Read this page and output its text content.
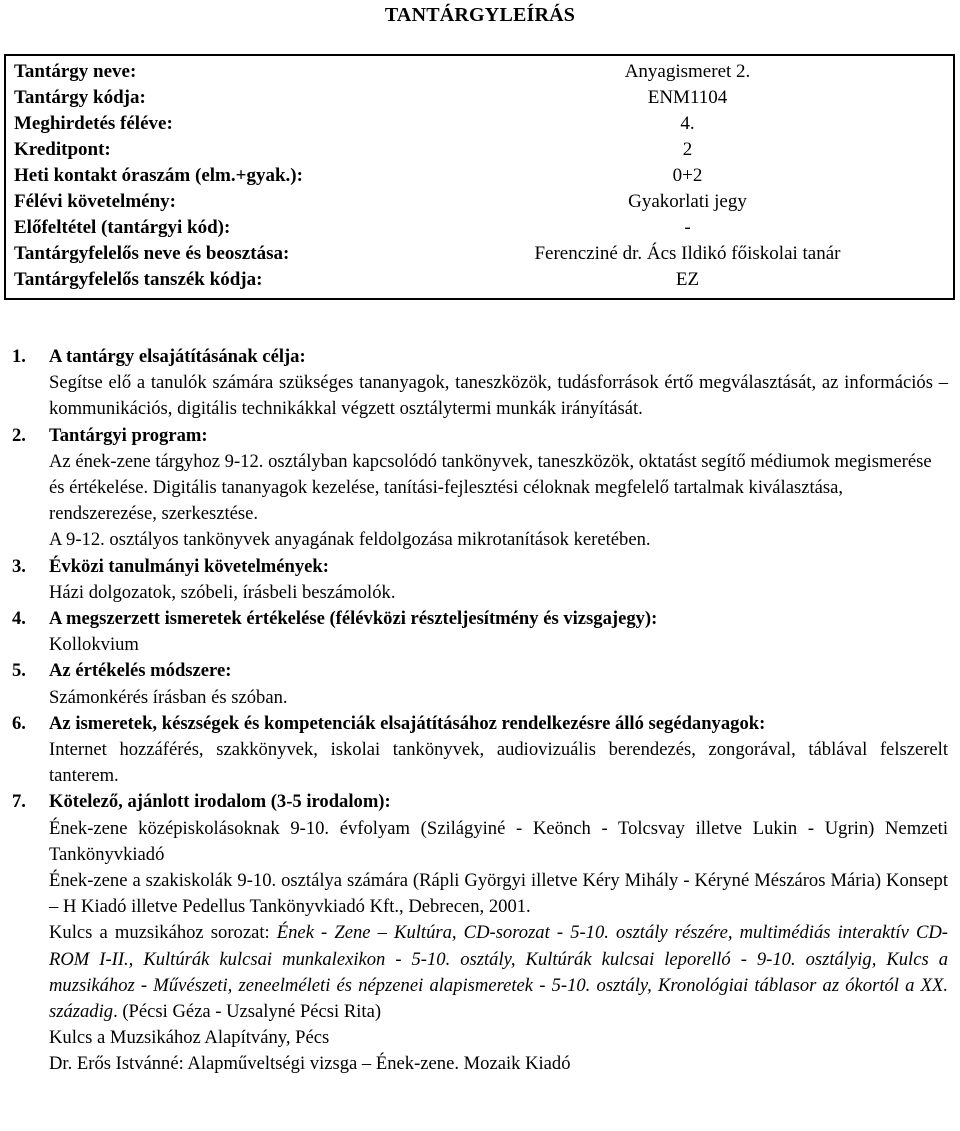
TANTÁRGYLEÍRÁS
Tantárgy neve:	Anyagismeret 2.
Tantárgy kódja:	ENM1104
Meghirdetés féléve:	4.
Kreditpont:	2
Heti kontakt óraszám (elm.+gyak.):	0+2
Félévi követelmény:	Gyakorlati jegy
Előfeltétel (tantárgyi kód):	-
Tantárgyfelelős neve és beosztása:	Ferencziné dr. Ács Ildikó főiskolai tanár
Tantárgyfelelős tanszék kódja:	EZ
1.	A tantárgy elsajátításának célja:
Segítse elő a tanulók számára szükséges tananyagok, taneszközök, tudásforrások értő megválasztását, az információs – kommunikációs, digitális technikákkal végzett osztálytermi munkák irányítását.
2.	Tantárgyi program:
Az ének-zene tárgyhoz 9-12. osztályban kapcsolódó tankönyvek, taneszközök, oktatást segítő médiumok megismerése és értékelése. Digitális tananyagok kezelése, tanítási-fejlesztési céloknak megfelelő tartalmak kiválasztása, rendszerezése, szerkesztése.
A 9-12. osztályos tankönyvek anyagának feldolgozása mikrotanítások keretében.
3.	Évközi tanulmányi követelmények:
Házi dolgozatok, szóbeli, írásbeli beszámolók.
4.	A megszerzett ismeretek értékelése (félévközi részteljesítmény és vizsgajegy):
Kollokvium
5.	Az értékelés módszere:
Számonkérés írásban és szóban.
6.	Az ismeretek, készségek és kompetenciák elsajátításához rendelkezésre álló segédanyagok:
Internet hozzáférés, szakkönyvek, iskolai tankönyvek, audiovizuális berendezés, zongorával, táblával felszerelt tanterem.
7.	Kötelező, ajánlott irodalom (3-5 irodalom):
Ének-zene középiskolásoknak 9-10. évfolyam (Szilágyiné - Keönch - Tolcsvay illetve Lukin - Ugrin) Nemzeti Tankönyvkiadó
Ének-zene a szakiskolák 9-10. osztálya számára (Rápli Györgyi illetve Kéry Mihály - Kéryné Mészáros Mária) Konsept – H Kiadó illetve Pedellus Tankönyvkiadó Kft., Debrecen, 2001.
Kulcs a muzsikához sorozat: Ének - Zene – Kultúra, CD-sorozat - 5-10. osztály részére, multimédiás interaktív CD-ROM I-II., Kultúrák kulcsai munkalexikon - 5-10. osztály, Kultúrák kulcsai leporelló - 9-10. osztályig, Kulcs a muzsikához - Művészeti, zeneelméleti és népzenei alapismeretek - 5-10. osztály, Kronológiai táblasor az ókortól a XX. századig. (Pécsi Géza - Uzsalyné Pécsi Rita)
Kulcs a Muzsikához Alapítvány, Pécs
Dr. Erős Istvánné: Alapműveltségi vizsga – Ének-zene. Mozaik Kiadó
